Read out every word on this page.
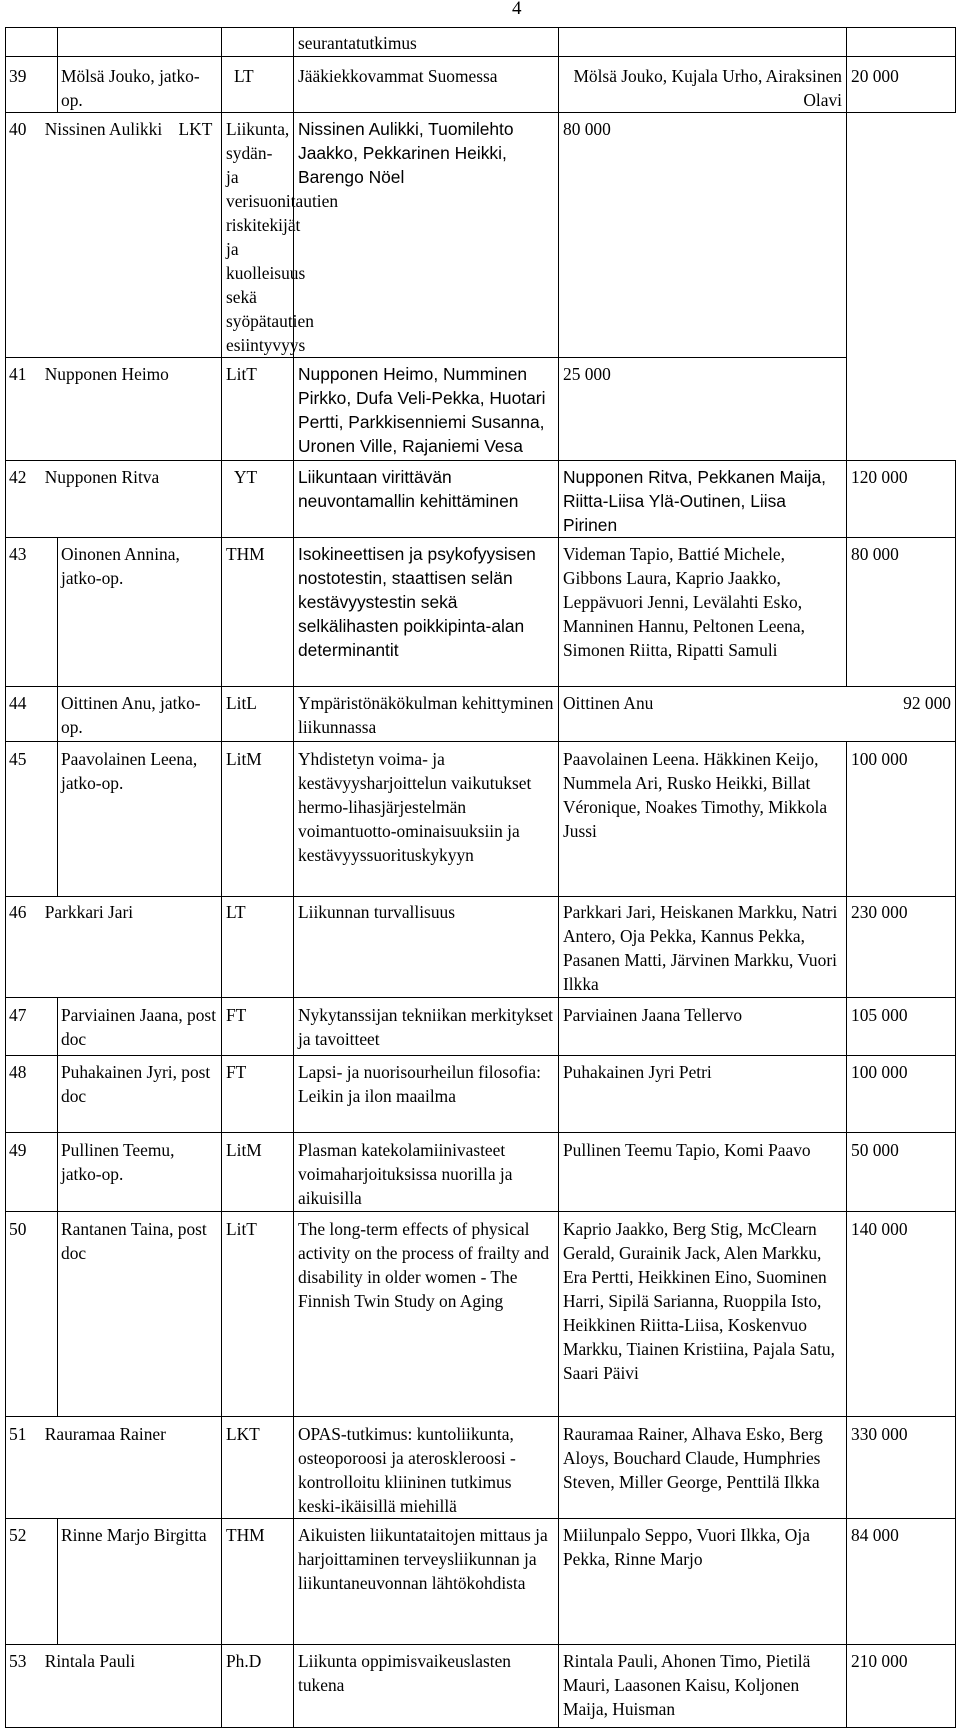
4
			seurantatutkimus		
39	Mölsä Jouko, jatko-op.	LT	Jääkiekkovammat Suomessa	Mölsä Jouko, Kujala Urho, Airaksinen Olavi	20 000
40 Nissinen Aulikki LKT		Liikunta, sydän- ja verisuonitautien riskitekijät ja kuolleisuus sekä syöpätautien esiintyvyys	Nissinen Aulikki, Tuomilehto Jaakko, Pekkarinen Heikki, Barengo Nöel	80 000	
41 Nupponen Heimo		LitT	Nupponen Heimo, Numminen Pirkko, Dufa Veli-Pekka, Huotari Pertti, Parkkisenniemi Susanna, Uronen Ville, Rajaniemi Vesa	25 000	
42 Nupponen Ritva		YT	Liikuntaan virittävän neuvontamallin kehittäminen	Nupponen Ritva, Pekkanen Maija, Riitta-Liisa Ylä-Outinen, Liisa Pirinen	120 000
43	Oinonen Annina, jatko-op.	THM	Isokineettisen ja psykofyysisen nostotestin, staattisen selän kestävyystestin sekä selkälihasten poikkipinta-alan determinantit	Videman Tapio, Battié Michele, Gibbons Laura, Kaprio Jaakko, Leppävuori Jenni, Levälahti Esko, Manninen Hannu, Peltonen Leena, Simonen Riitta, Ripatti Samuli	80 000
44	Oittinen Anu, jatko-op.	LitL	Ympäristönäkökulman kehittyminen liikunnassa	Oittinen Anu 92 000	

45	Paavolainen Leena, jatko-op.	LitM	Yhdistetyn voima- ja kestävyysharjoittelun vaikutukset hermo-lihasjärjestelmän voimantuotto-ominaisuuksiin ja kestävyyssuorituskykyyn	Paavolainen Leena. Häkkinen Keijo, Nummela Ari, Rusko Heikki, Billat Véronique, Noakes Timothy, Mikkola Jussi	100 000
46 Parkkari Jari		LT	Liikunnan turvallisuus	Parkkari Jari, Heiskanen Markku, Natri Antero, Oja Pekka, Kannus Pekka, Pasanen Matti, Järvinen Markku, Vuori Ilkka	230 000
47	Parviainen Jaana, post doc	FT	Nykytanssijan tekniikan merkitykset ja tavoitteet	Parviainen Jaana Tellervo	105 000
48	Puhakainen Jyri, post doc	FT	Lapsi- ja nuorisourheilun filosofia: Leikin ja ilon maailma	Puhakainen Jyri Petri	100 000
49	Pullinen Teemu, jatko-op.	LitM	Plasman katekolamiinivasteet voimaharjoituksissa nuorilla ja aikuisilla	Pullinen Teemu Tapio, Komi Paavo	50 000
50	Rantanen Taina, post doc	LitT	The long-term effects of physical activity on the process of frailty and disability in older women - The Finnish Twin Study on Aging	Kaprio Jaakko, Berg Stig, McClearn Gerald, Gurainik Jack, Alen Markku, Era Pertti, Heikkinen Eino, Suominen Harri, Sipilä Sarianna, Ruoppila Isto, Heikkinen Riitta-Liisa, Koskenvuo Markku, Tiainen Kristiina, Pajala Satu, Saari Päivi	140 000
51 Rauramaa Rainer		LKT	OPAS-tutkimus: kuntoliikunta, osteoporoosi ja ateroskleroosi - kontrolloitu kliininen tutkimus keski-ikäisillä miehillä	Rauramaa Rainer, Alhava Esko, Berg Aloys, Bouchard Claude, Humphries Steven, Miller George, Penttilä Ilkka	330 000
52	Rinne Marjo Birgitta	THM	Aikuisten liikuntataitojen mittaus ja harjoittaminen terveysliikunnan ja liikuntaneuvonnan lähtökohdista	Miilunpalo Seppo, Vuori Ilkka, Oja Pekka, Rinne Marjo	84 000
53 Rintala Pauli		Ph.D	Liikunta oppimisvaikeuslasten tukena	Rintala Pauli, Ahonen Timo, Pietilä Mauri, Laasonen Kaisu, Koljonen Maija, Huisman	210 000
